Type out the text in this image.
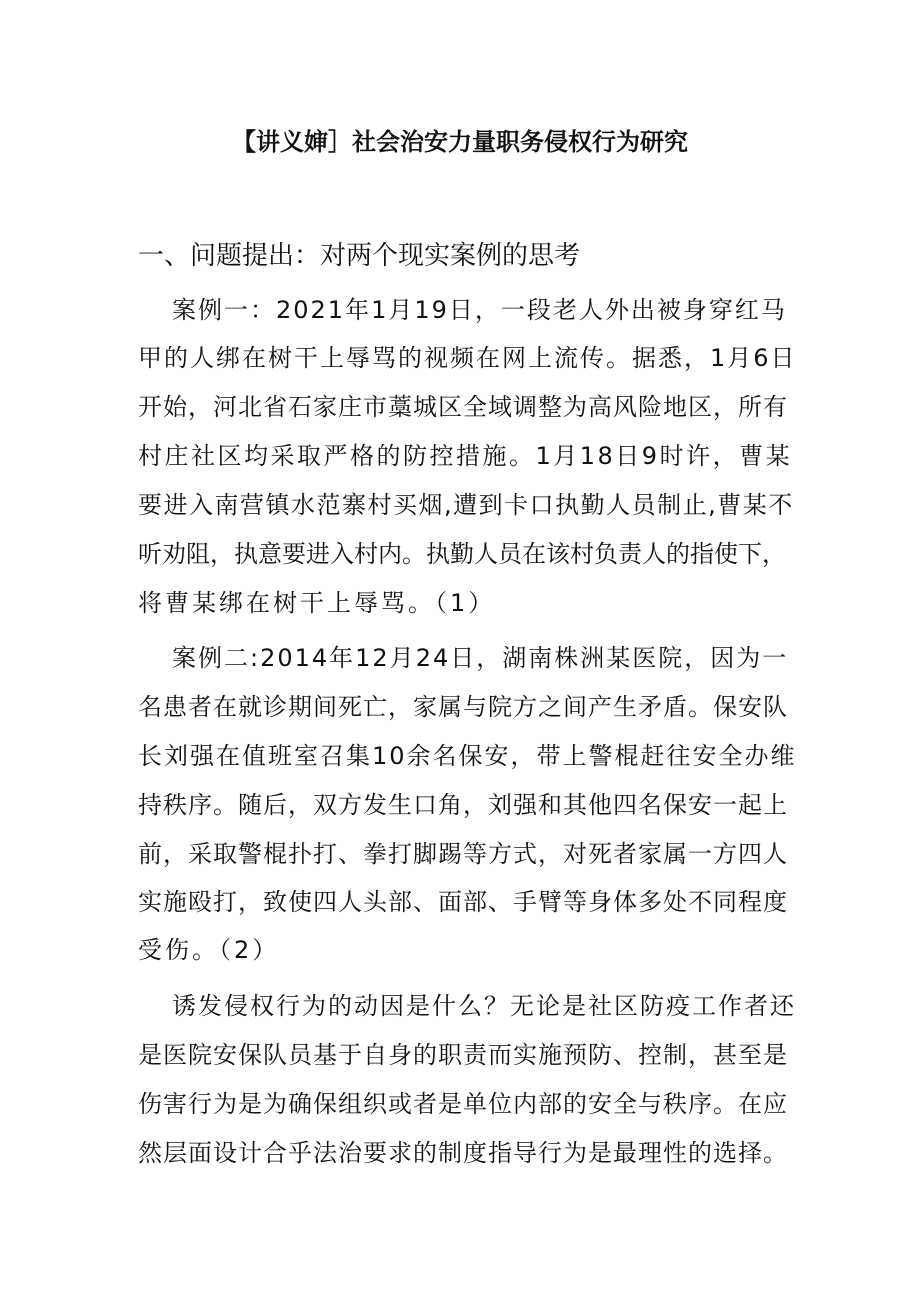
【讲义婶］社会治安力量职务侵权行为研究
一、问题提出：对两个现实案例的思考
案例一：2021年1月19日，一段老人外出被身穿红马
甲的人绑在树干上辱骂的视频在网上流传。据悉，1月6日
开始，河北省石家庄市藁城区全域调整为高风险地区，所有
村庄社区均采取严格的防控措施。1月18日9时许，曹某
要进入南营镇水范寨村买烟,遭到卡口执勤人员制止,曹某不
听劝阻，执意要进入村内。执勤人员在该村负责人的指使下，
将曹某绑在树干上辱骂。（1）
案例二:2014年12月24日，湖南株洲某医院，因为一
名患者在就诊期间死亡，家属与院方之间产生矛盾。保安队
长刘强在值班室召集10余名保安，带上警棍赶往安全办维
持秩序。随后，双方发生口角，刘强和其他四名保安一起上
前，采取警棍扑打、拳打脚踢等方式，对死者家属一方四人
实施殴打，致使四人头部、面部、手臂等身体多处不同程度
受伤。（2）
诱发侵权行为的动因是什么？无论是社区防疫工作者还
是医院安保队员基于自身的职责而实施预防、控制，甚至是
伤害行为是为确保组织或者是单位内部的安全与秩序。在应
然层面设计合乎法治要求的制度指导行为是最理性的选择。
